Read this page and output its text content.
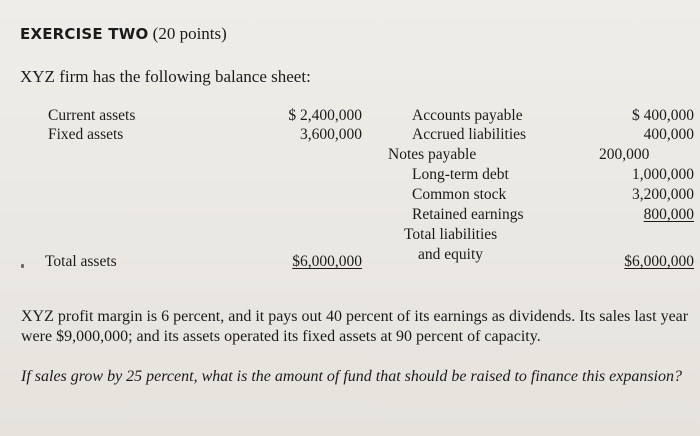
EXERCISE TWO (20 points)
XYZ firm has the following balance sheet:
Current assets
Fixed assets
$ 2,400,000
3,600,000
Accounts payable
Accrued liabilities
Notes payable
Long-term debt
Common stock
Retained earnings
Total liabilities
and equity
$ 400,000
400,000
200,000
1,000,000
3,200,000
800,000
Total assets	$6,000,000	$6,000,000
XYZ profit margin is 6 percent, and it pays out 40 percent of its earnings as dividends. Its sales last year were $9,000,000; and its assets operated its fixed assets at 90 percent of capacity.
If sales grow by 25 percent, what is the amount of fund that should be raised to finance this expansion?
